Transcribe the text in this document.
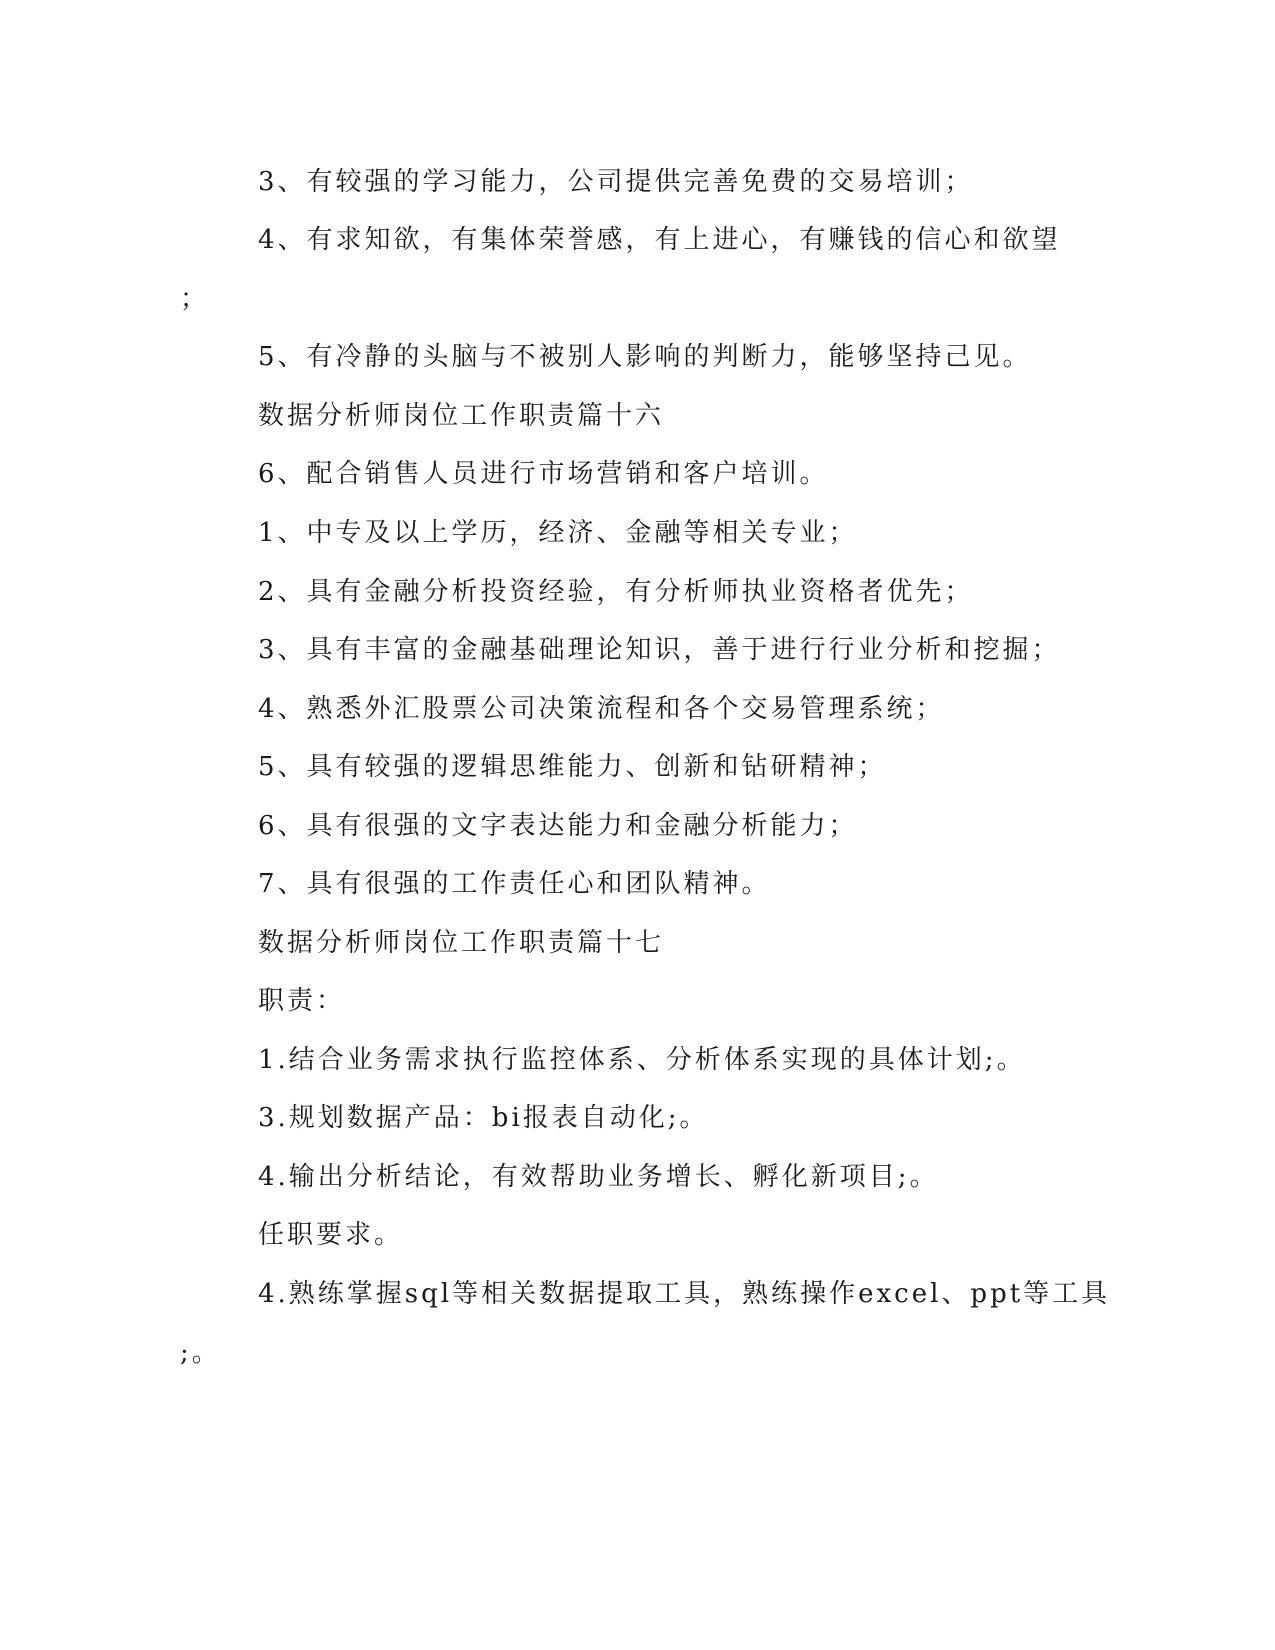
3、有较强的学习能力，公司提供完善免费的交易培训；
4、有求知欲，有集体荣誉感，有上进心，有赚钱的信心和欲望
；
5、有冷静的头脑与不被别人影响的判断力，能够坚持己见。
数据分析师岗位工作职责篇十六
6、配合销售人员进行市场营销和客户培训。
1、中专及以上学历，经济、金融等相关专业；
2、具有金融分析投资经验，有分析师执业资格者优先；
3、具有丰富的金融基础理论知识，善于进行行业分析和挖掘；
4、熟悉外汇股票公司决策流程和各个交易管理系统；
5、具有较强的逻辑思维能力、创新和钻研精神；
6、具有很强的文字表达能力和金融分析能力；
7、具有很强的工作责任心和团队精神。
数据分析师岗位工作职责篇十七
职责：
1.结合业务需求执行监控体系、分析体系实现的具体计划;。
3.规划数据产品：bi报表自动化;。
4.输出分析结论，有效帮助业务增长、孵化新项目;。
任职要求。
4.熟练掌握sql等相关数据提取工具，熟练操作excel、ppt等工具
;。
